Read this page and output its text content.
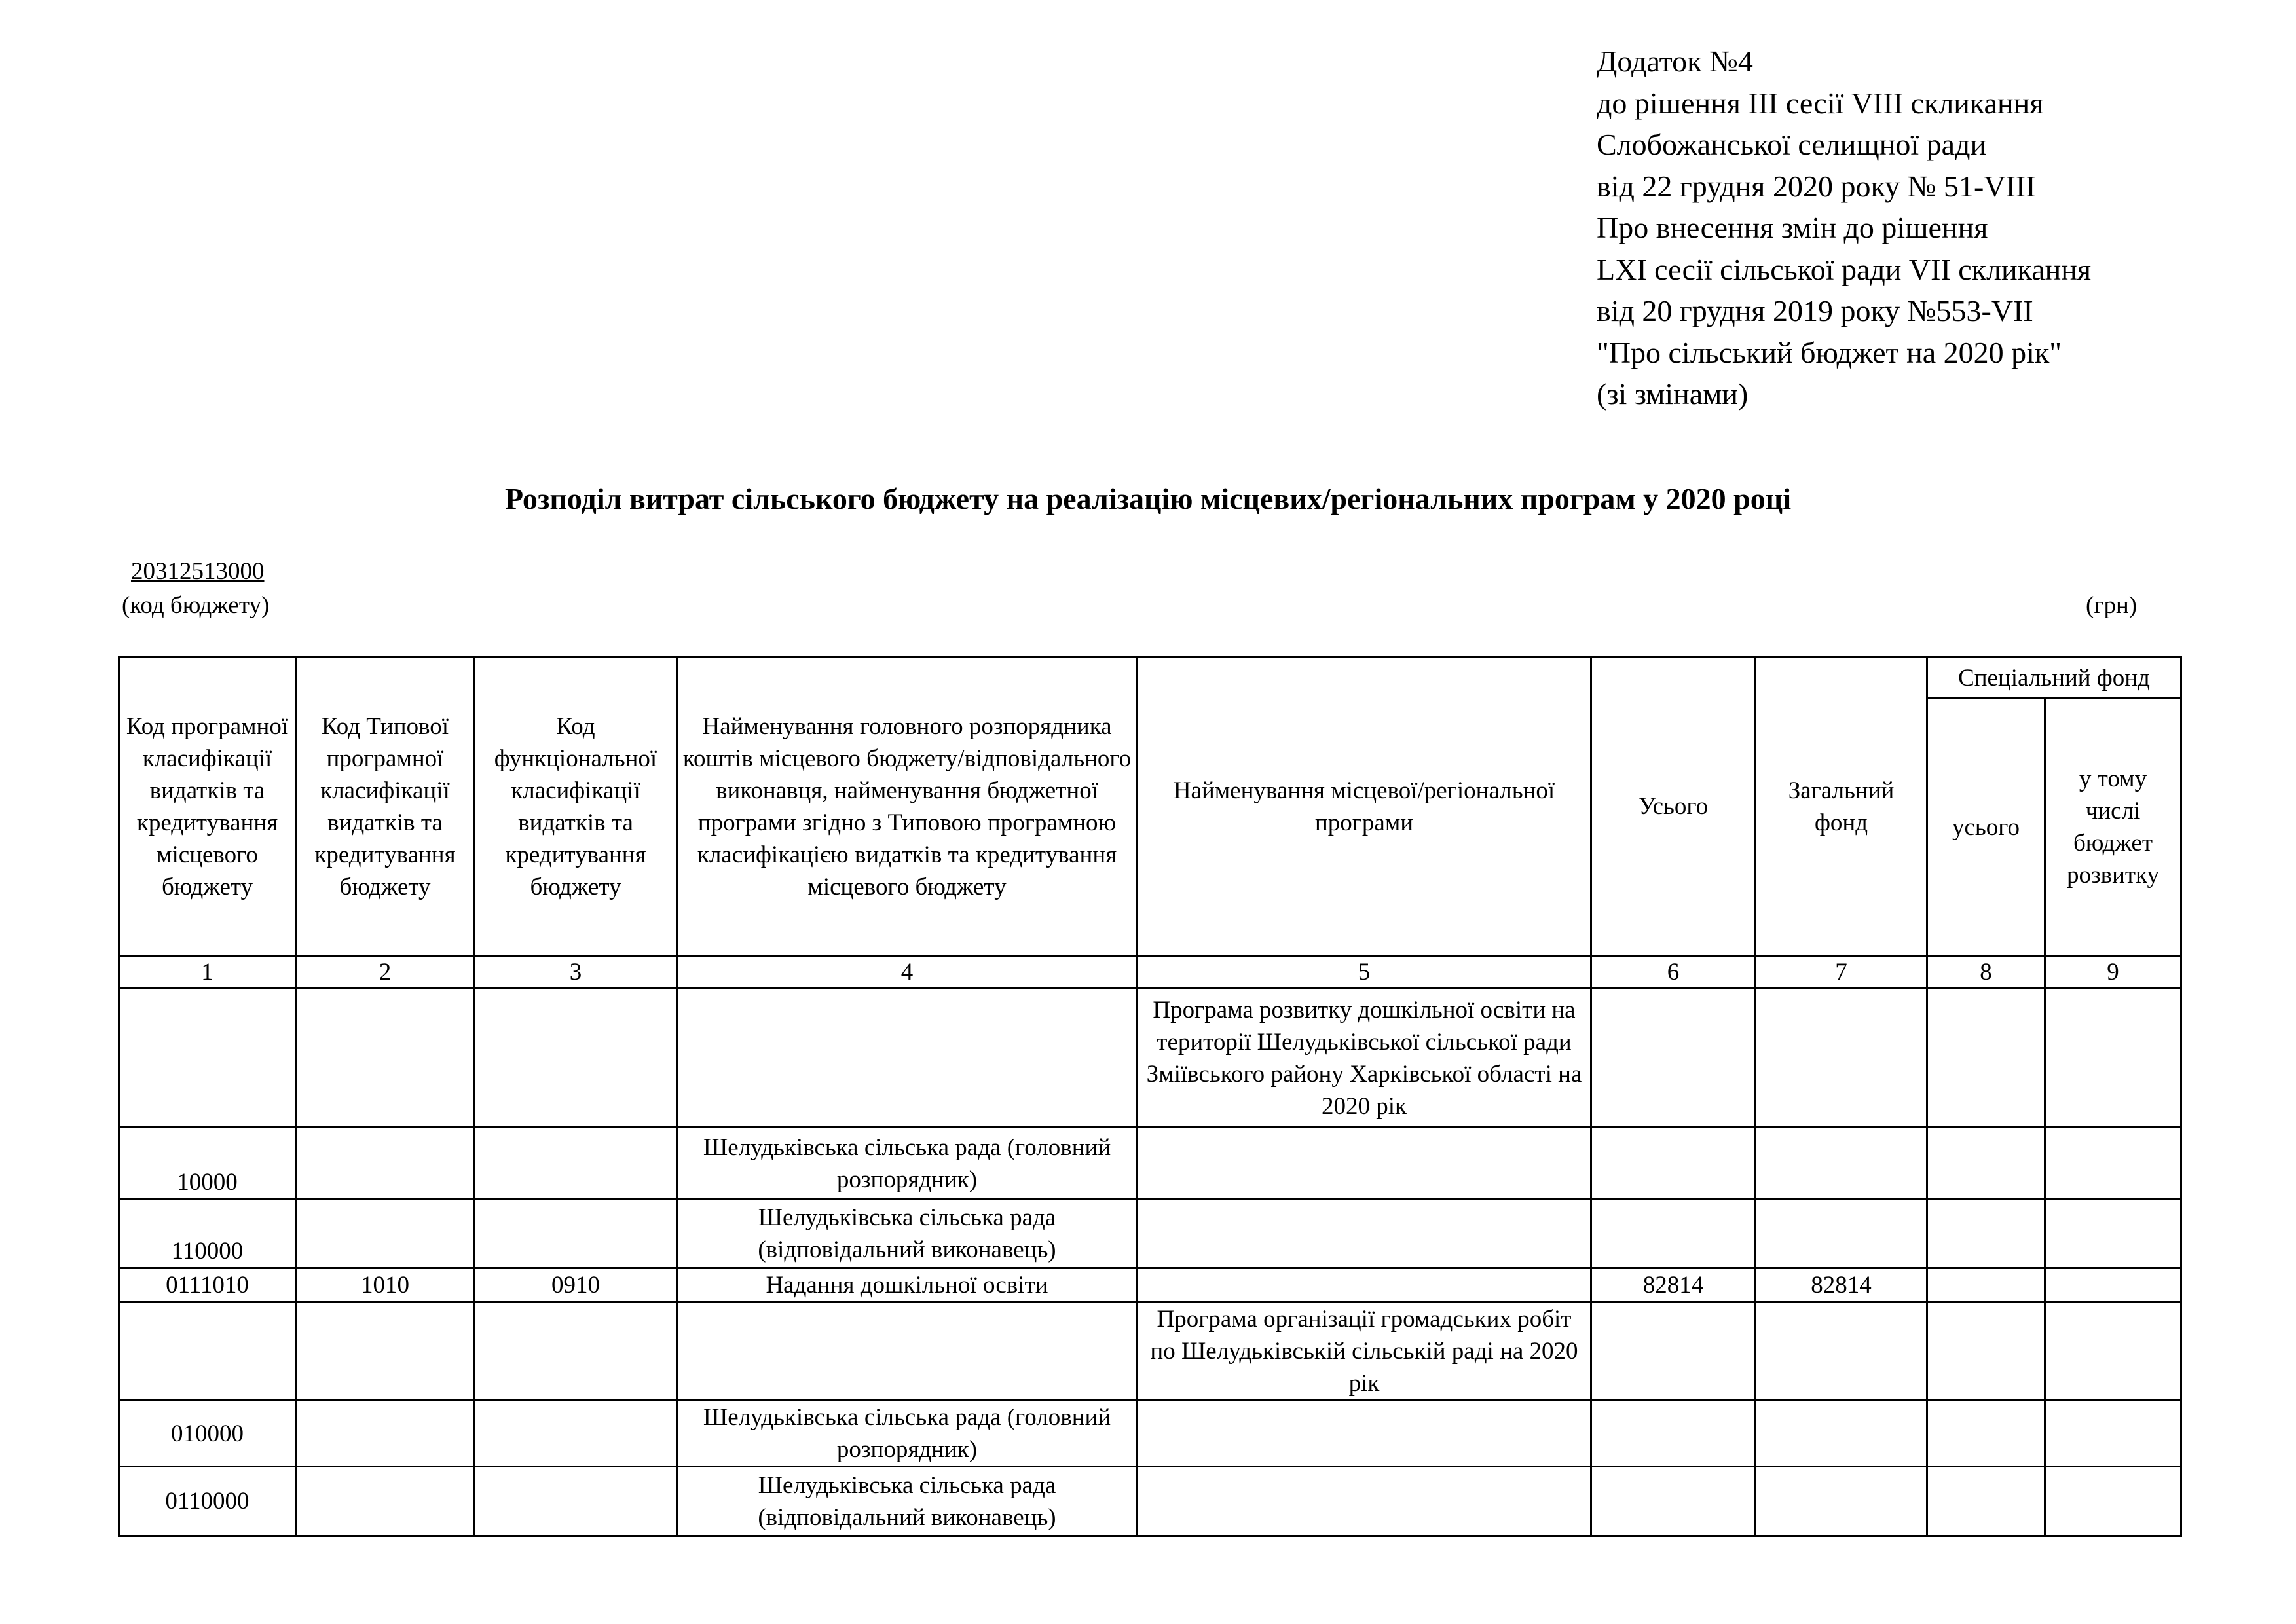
Додаток №4
до рішення ІІІ сесії VIII скликання
Слобожанської селищної ради
від 22 грудня 2020 року № 51-VIII
Про внесення змін до рішення
LХІ сесії сільської ради VII скликання
від 20 грудня 2019 року №553-VII
"Про сільський бюджет на 2020 рік"
(зі змінами)
Розподіл витрат сільського бюджету на реалізацію місцевих/регіональних програм у 2020 році
20312513000
(код бюджету)	(грн)
Код програмної класифікації видатків та кредитування місцевого бюджету	Код Типової програмної класифікації видатків та кредитування бюджету	Код функціональної класифікації видатків та кредитування бюджету	Найменування головного розпорядника коштів місцевого бюджету/відповідального виконавця, найменування бюджетної програми згідно з Типовою програмною класифікацією видатків та кредитування місцевого бюджету	Найменування місцевої/регіональної програми	Усього	Загальний фонд	Спеціальний фонд	
							усього	у тому числі бюджет розвитку
1	2	3	4	5	6	7	8	9
				Програма розвитку дошкільної освіти на території Шелудьківської сільської ради Зміївського району Харківської області на 2020 рік				
10000			Шелудьківська сільська рада (головний розпорядник)					
110000			Шелудьківська сільська рада (відповідальний виконавець)					
0111010	1010	0910	Надання дошкільної освіти		82814	82814		
				Програма організації громадських робіт по Шелудьківській сільській раді на 2020 рік				
010000			Шелудьківська сільська рада (головний розпорядник)					
0110000			Шелудьківська сільська рада (відповідальний виконавець)					
